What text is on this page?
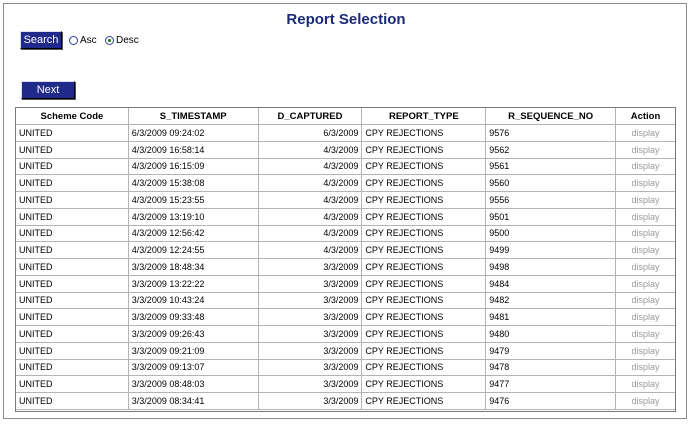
Report Selection
Search	Asc Desc
Next
Scheme Code	S_TIMESTAMP	D_CAPTURED	REPORT_TYPE	R_SEQUENCE_NO	Action
UNITED	6/3/2009 09:24:02	6/3/2009	CPY REJECTIONS	9576	display
UNITED	4/3/2009 16:58:14	4/3/2009	CPY REJECTIONS	9562	display
UNITED	4/3/2009 16:15:09	4/3/2009	CPY REJECTIONS	9561	display
UNITED	4/3/2009 15:38:08	4/3/2009	CPY REJECTIONS	9560	display
UNITED	4/3/2009 15:23:55	4/3/2009	CPY REJECTIONS	9556	display
UNITED	4/3/2009 13:19:10	4/3/2009	CPY REJECTIONS	9501	display
UNITED	4/3/2009 12:56:42	4/3/2009	CPY REJECTIONS	9500	display
UNITED	4/3/2009 12:24:55	4/3/2009	CPY REJECTIONS	9499	display
UNITED	3/3/2009 18:48:34	3/3/2009	CPY REJECTIONS	9498	display
UNITED	3/3/2009 13:22:22	3/3/2009	CPY REJECTIONS	9484	display
UNITED	3/3/2009 10:43:24	3/3/2009	CPY REJECTIONS	9482	display
UNITED	3/3/2009 09:33:48	3/3/2009	CPY REJECTIONS	9481	display
UNITED	3/3/2009 09:26:43	3/3/2009	CPY REJECTIONS	9480	display
UNITED	3/3/2009 09:21:09	3/3/2009	CPY REJECTIONS	9479	display
UNITED	3/3/2009 09:13:07	3/3/2009	CPY REJECTIONS	9478	display
UNITED	3/3/2009 08:48:03	3/3/2009	CPY REJECTIONS	9477	display
UNITED	3/3/2009 08:34:41	3/3/2009	CPY REJECTIONS	9476	display
